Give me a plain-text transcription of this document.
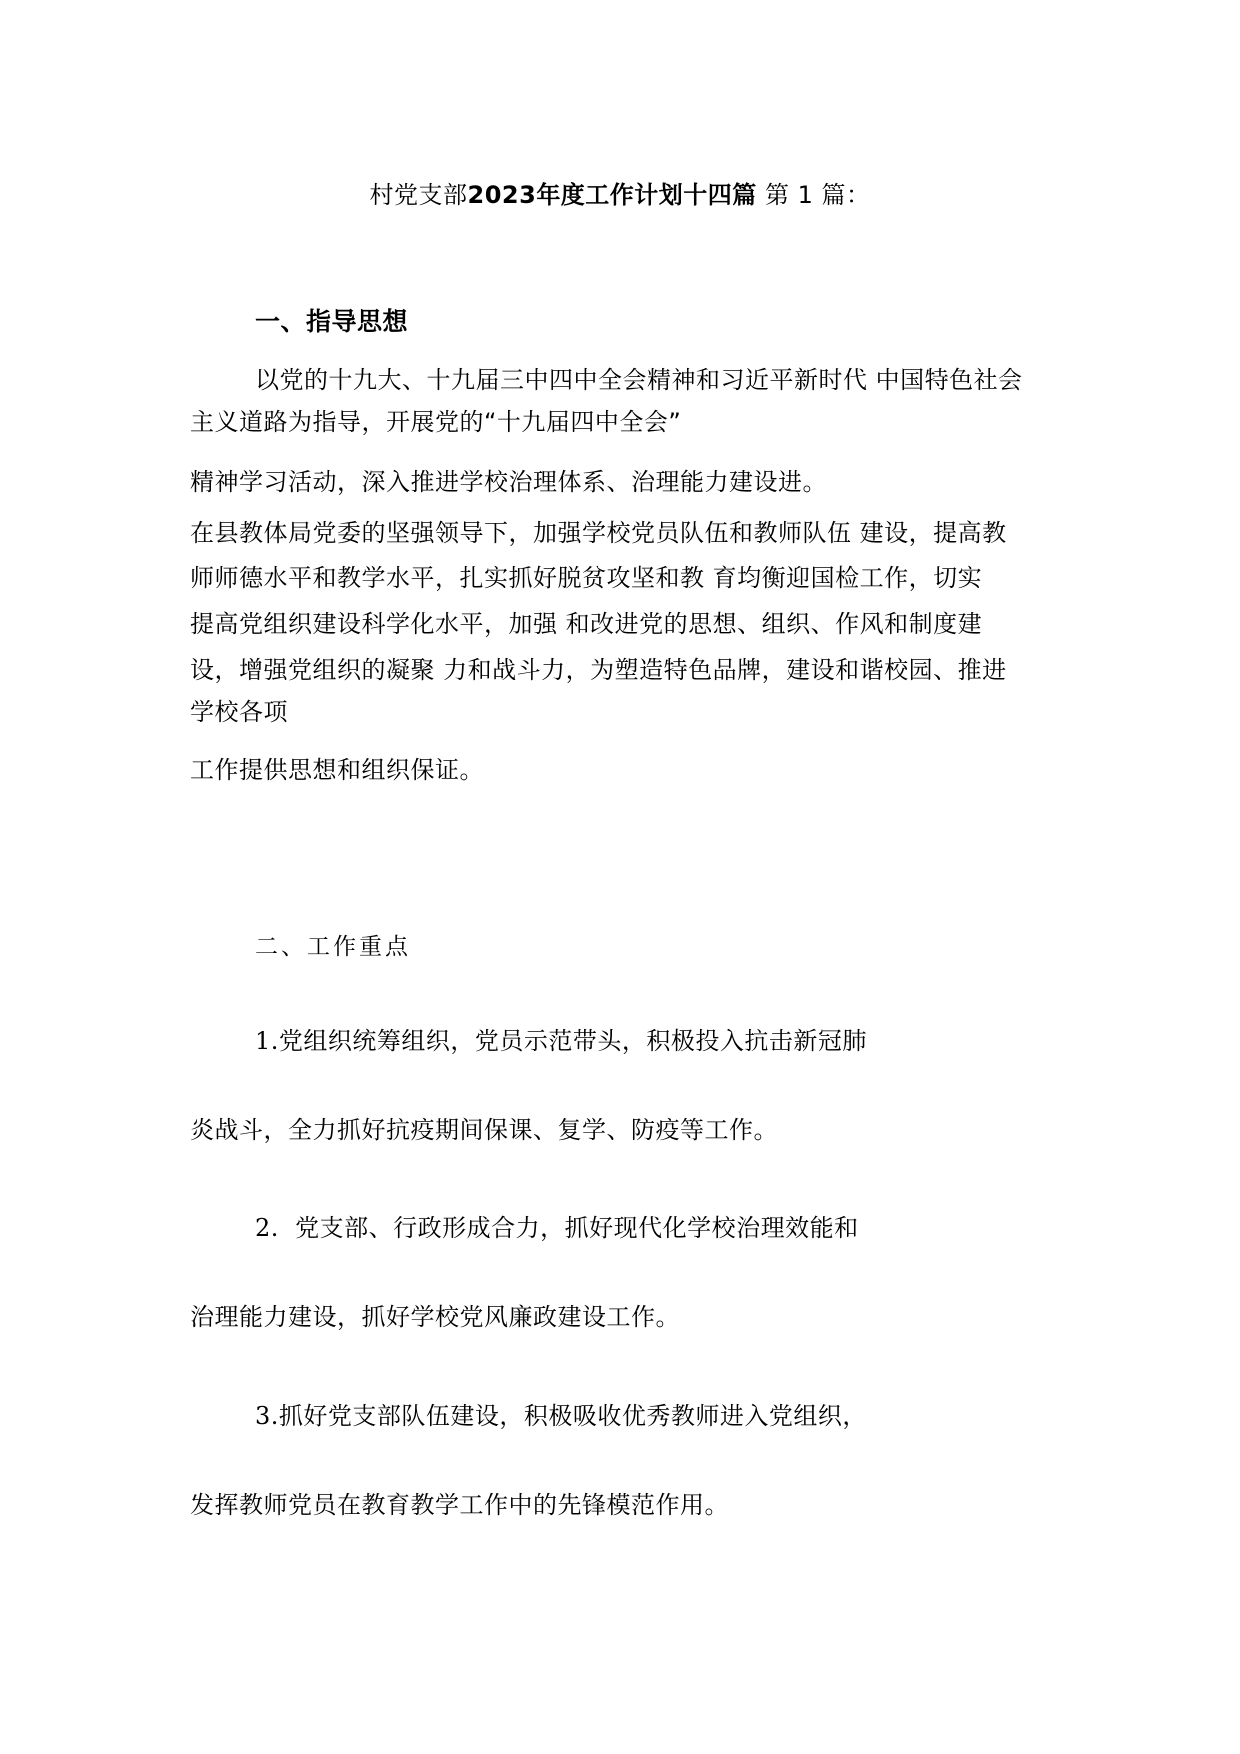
村党支部2023年度工作计划十四篇 第 1 篇：
一、指导思想
以党的十九大、十九届三中四中全会精神和习近平新时代 中国特色社会
主义道路为指导，开展党的“十九届四中全会”
精神学习活动，深入推进学校治理体系、治理能力建设进。
在县教体局党委的坚强领导下，加强学校党员队伍和教师队伍 建设，提高教
师师德水平和教学水平，扎实抓好脱贫攻坚和教 育均衡迎国检工作，切实
提高党组织建设科学化水平，加强 和改进党的思想、组织、作风和制度建
设，增强党组织的凝聚 力和战斗力，为塑造特色品牌，建设和谐校园、推进
学校各项
工作提供思想和组织保证。
二、工作重点
1.党组织统筹组织，党员示范带头，积极投入抗击新冠肺
炎战斗，全力抓好抗疫期间保课、复学、防疫等工作。
2.  党支部、行政形成合力，抓好现代化学校治理效能和
治理能力建设，抓好学校党风廉政建设工作。
3.抓好党支部队伍建设，积极吸收优秀教师进入党组织，
发挥教师党员在教育教学工作中的先锋模范作用。
